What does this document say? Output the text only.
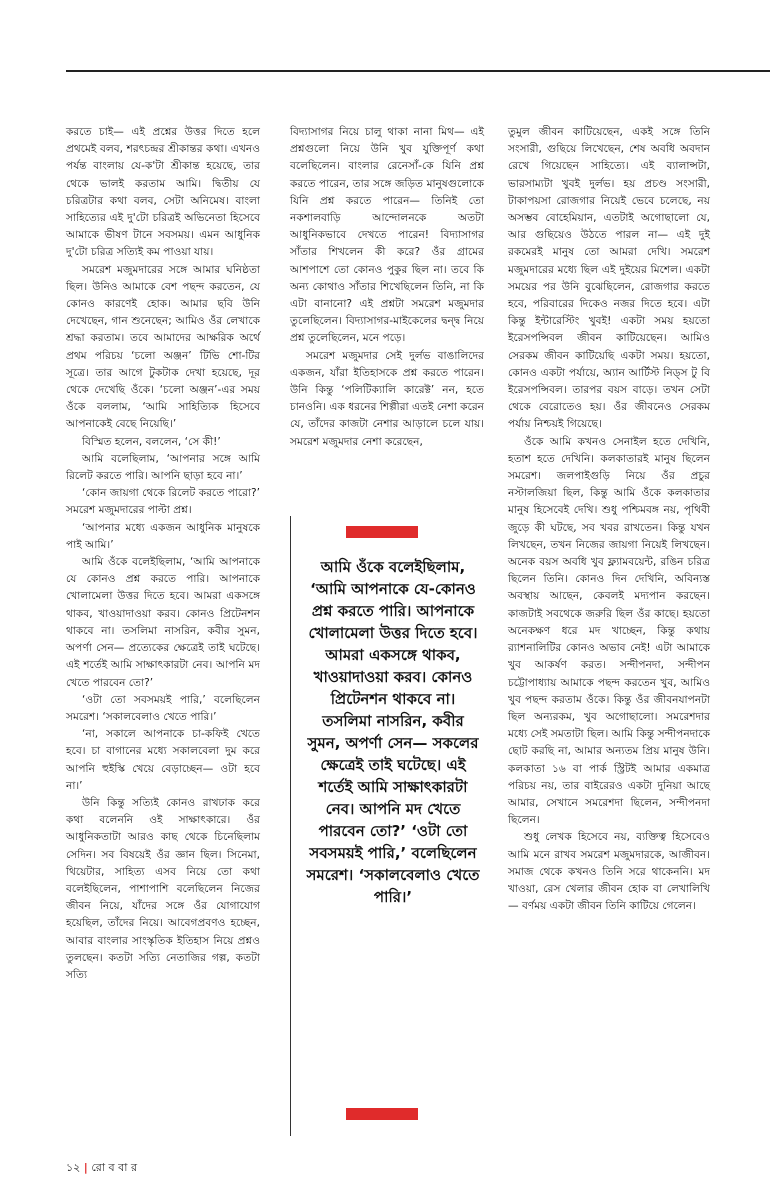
করতে চাই— এই প্রশ্নের উত্তর দিতে হলে প্রথমেই বলব, শরৎচন্দ্রর শ্রীকান্তর কথা। এখনও পর্যন্ত বাংলায় যে-ক'টা শ্রীকান্ত হয়েছে, তার থেকে ভালই করতাম আমি। দ্বিতীয় যে চরিত্রটার কথা বলব, সেটা অনিমেষ। বাংলা সাহিত্যের এই দু'টো চরিত্রই অভিনেতা হিসেবে আমাকে ভীষণ টানে সবসময়। এমন আধুনিক দু'টো চরিত্র সত্যিই কম পাওয়া যায়।

সমরেশ মজুমদারের সঙ্গে আমার ঘনিষ্ঠতা ছিল। উনিও আমাকে বেশ পছন্দ করতেন, যে কোনও কারণেই হোক। আমার ছবি উনি দেখেছেন, গান শুনেছেন; আমিও ওঁর লেখাকে শ্রদ্ধা করতাম। তবে আমাদের আক্ষরিক অর্থে প্রথম পরিচয় ‘চলো অঞ্জন’ টিভি শো-টির সূত্রে। তার আগে টুকটাক দেখা হয়েছে, দূর থেকে দেখেছি ওঁকে। ‘চলো অঞ্জন’-এর সময় ওঁকে বললাম, ‘আমি সাহিত্যিক হিসেবে আপনাকেই বেছে নিয়েছি।’

বিস্মিত হলেন, বললেন, ‘সে কী!’

আমি বলেছিলাম, ‘আপনার সঙ্গে আমি রিলেট করতে পারি। আপনি ছাড়া হবে না।’

‘কোন জায়গা থেকে রিলেট করতে পারো?’ সমরেশ মজুমদারের পাল্টা প্রশ্ন।

‘আপনার মধ্যে একজন আধুনিক মানুষকে পাই আমি।’

আমি ওঁকে বলেইছিলাম, ‘আমি আপনাকে যে কোনও প্রশ্ন করতে পারি। আপনাকে খোলামেলা উত্তর দিতে হবে। আমরা একসঙ্গে থাকব, খাওয়াদাওয়া করব। কোনও প্রিটেনশন থাকবে না। তসলিমা নাসরিন, কবীর সুমন, অপর্ণা সেন— প্রত্যেকের ক্ষেত্রেই তাই ঘটেছে। এই শর্তেই আমি সাক্ষাৎকারটা নেব। আপনি মদ খেতে পারবেন তো?’

‘ওটা তো সবসময়ই পারি,’ বলেছিলেন সমরেশ। ‘সকালবেলাও খেতে পারি।’

‘না, সকালে আপনাকে চা-কফিই খেতে হবে। চা বাগানের মধ্যে সকালবেলা দুম করে আপনি হুইস্কি খেয়ে বেড়াচ্ছেন— ওটা হবে না।’

উনি কিন্তু সত্যিই কোনও রাখঢাক করে কথা বলেননি ওই সাক্ষাৎকারে। ওঁর আধুনিকতাটা আরও কাছ থেকে চিনেছিলাম সেদিন। সব বিষয়েই ওঁর জ্ঞান ছিল। সিনেমা, থিয়েটার, সাহিত্য এসব নিয়ে তো কথা বলেইছিলেন, পাশাপাশি বলেছিলেন নিজের জীবন নিয়ে, যাঁদের সঙ্গে ওঁর যোগাযোগ হয়েছিল, তাঁদের নিয়ে। আবেগপ্রবণও হচ্ছেন, আবার বাংলার সাংস্কৃতিক ইতিহাস নিয়ে প্রশ্নও তুলছেন। কতটা সত্যি নেতাজির গল্প, কতটা সত্যি

বিদ্যাসাগর নিয়ে চালু থাকা নানা মিথ— এই প্রশ্নগুলো নিয়ে উনি খুব যুক্তিপূর্ণ কথা বলেছিলেন। বাংলার রেনেসাঁ-কে যিনি প্রশ্ন করতে পারেন, তার সঙ্গে জড়িত মানুষগুলোকে যিনি প্রশ্ন করতে পারেন— তিনিই তো নকশালবাড়ি আন্দোলনকে অতটা আধুনিকভাবে দেখতে পারেন! বিদ্যাসাগর সাঁতার শিখলেন কী করে? ওঁর গ্রামের আশপাশে তো কোনও পুকুর ছিল না। তবে কি অন্য কোথাও সাঁতার শিখেছিলেন তিনি, না কি এটা বানানো? এই প্রশ্নটা সমরেশ মজুমদার তুলেছিলেন। বিদ্যাসাগর-মাইকেলের দ্বন্দ্ব নিয়ে প্রশ্ন তুলেছিলেন, মনে পড়ে।

সমরেশ মজুমদার সেই দুর্লভ বাঙালিদের একজন, যাঁরা ইতিহাসকে প্রশ্ন করতে পারেন। উনি কিন্তু ‘পলিটিক্যালি কারেক্ট’ নন, হতে চানওনি। এক ধরনের শিল্পীরা এতই নেশা করেন যে, তাঁদের কাজটা নেশার আড়ালে চলে যায়। সমরেশ মজুমদার নেশা করেছেন,

আমি ওঁকে বলেইছিলাম, ‘আমি আপনাকে যে-কোনও প্রশ্ন করতে পারি। আপনাকে খোলামেলা উত্তর দিতে হবে। আমরা একসঙ্গে থাকব, খাওয়াদাওয়া করব। কোনও প্রিটেনশন থাকবে না। তসলিমা নাসরিন, কবীর সুমন, অপর্ণা সেন— সকলের ক্ষেত্রেই তাই ঘটেছে। এই শর্তেই আমি সাক্ষাৎকারটা নেব। আপনি মদ খেতে পারবেন তো?’ ‘ওটা তো সবসময়ই পারি,’ বলেছিলেন সমরেশ। ‘সকালবেলাও খেতে পারি।’

তুমুল জীবন কাটিয়েছেন, একই সঙ্গে তিনি সংসারী, গুছিয়ে লিখেছেন, শেষ অবধি অবদান রেখে গিয়েছেন সাহিত্যে। এই ব্যালান্সটা, ভারসাম্যটা খুবই দুর্লভ। হয় প্রচণ্ড সংসারী, টাকাপয়সা রোজগার নিয়েই ভেবে চলেছে, নয় অসম্ভব বোহেমিয়ান, এতটাই অগোছালো যে, আর গুছিয়েও উঠতে পারল না— এই দুই রকমেরই মানুষ তো আমরা দেখি। সমরেশ মজুমদারের মধ্যে ছিল এই দুইয়ের মিশেল। একটা সময়ের পর উনি বুঝেছিলেন, রোজগার করতে হবে, পরিবারের দিকেও নজর দিতে হবে। এটা কিন্তু ইন্টারেস্টিং খুবই! একটা সময় হয়তো ইরেসপন্সিবল জীবন কাটিয়েছেন। আমিও সেরকম জীবন কাটিয়েছি একটা সময়। হয়তো, কোনও একটা পর্যায়ে, অ্যান আর্টিস্ট নিড্‌স টু বি ইরেসপন্সিবল। তারপর বয়স বাড়ে। তখন সেটা থেকে বেরোতেও হয়। ওঁর জীবনেও সেরকম পর্যায় নিশ্চয়ই গিয়েছে।

ওঁকে আমি কখনও সেনাইল হতে দেখিনি, হতাশ হতে দেখিনি। কলকাতারই মানুষ ছিলেন সমরেশ। জলপাইগুড়ি নিয়ে ওঁর প্রচুর নস্টালজিয়া ছিল, কিন্তু আমি ওঁকে কলকাতার মানুষ হিসেবেই দেখি। শুধু পশ্চিমবঙ্গ নয়, পৃথিবী জুড়ে কী ঘটছে, সব খবর রাখতেন। কিন্তু যখন লিখছেন, তখন নিজের জায়গা নিয়েই লিখছেন। অনেক বয়স অবধি খুব ফ্ল্যামবয়েন্ট, রঙিন চরিত্র ছিলেন তিনি। কোনও দিন দেখিনি, অবিন্যস্ত অবস্থায় আছেন, কেবলই মদ্যপান করছেন। কাজটাই সবথেকে জরুরি ছিল ওঁর কাছে। হয়তো অনেকক্ষণ ধরে মদ খাচ্ছেন, কিন্তু কথায় র‌্যাশনালিটির কোনও অভাব নেই! এটা আমাকে খুব আকর্ষণ করত। সন্দীপনদা, সন্দীপন চট্টোপাধ্যায় আমাকে পছন্দ করতেন খুব, আমিও খুব পছন্দ করতাম ওঁকে। কিন্তু ওঁর জীবনযাপনটা ছিল অন্যরকম, খুব অগোছালো। সমরেশদার মধ্যে সেই সমতাটা ছিল। আমি কিন্তু সন্দীপনদাকে ছোট করছি না, আমার অন্যতম প্রিয় মানুষ উনি। কলকাতা ১৬ বা পার্ক স্ট্রিটই আমার একমাত্র পরিচয় নয়, তার বাইরেরও একটা দুনিয়া আছে আমার, সেখানে সমরেশদা ছিলেন, সন্দীপনদা ছিলেন।

শুধু লেখক হিসেবে নয়, ব্যক্তিত্ব হিসেবেও আমি মনে রাখব সমরেশ মজুমদারকে, আজীবন। সমাজ থেকে কখনও তিনি সরে থাকেননি। মদ খাওয়া, রেস খেলার জীবন হোক বা লেখালিখি— বর্ণময় একটা জীবন তিনি কাটিয়ে গেলেন।

১২ | রো ব বা র
